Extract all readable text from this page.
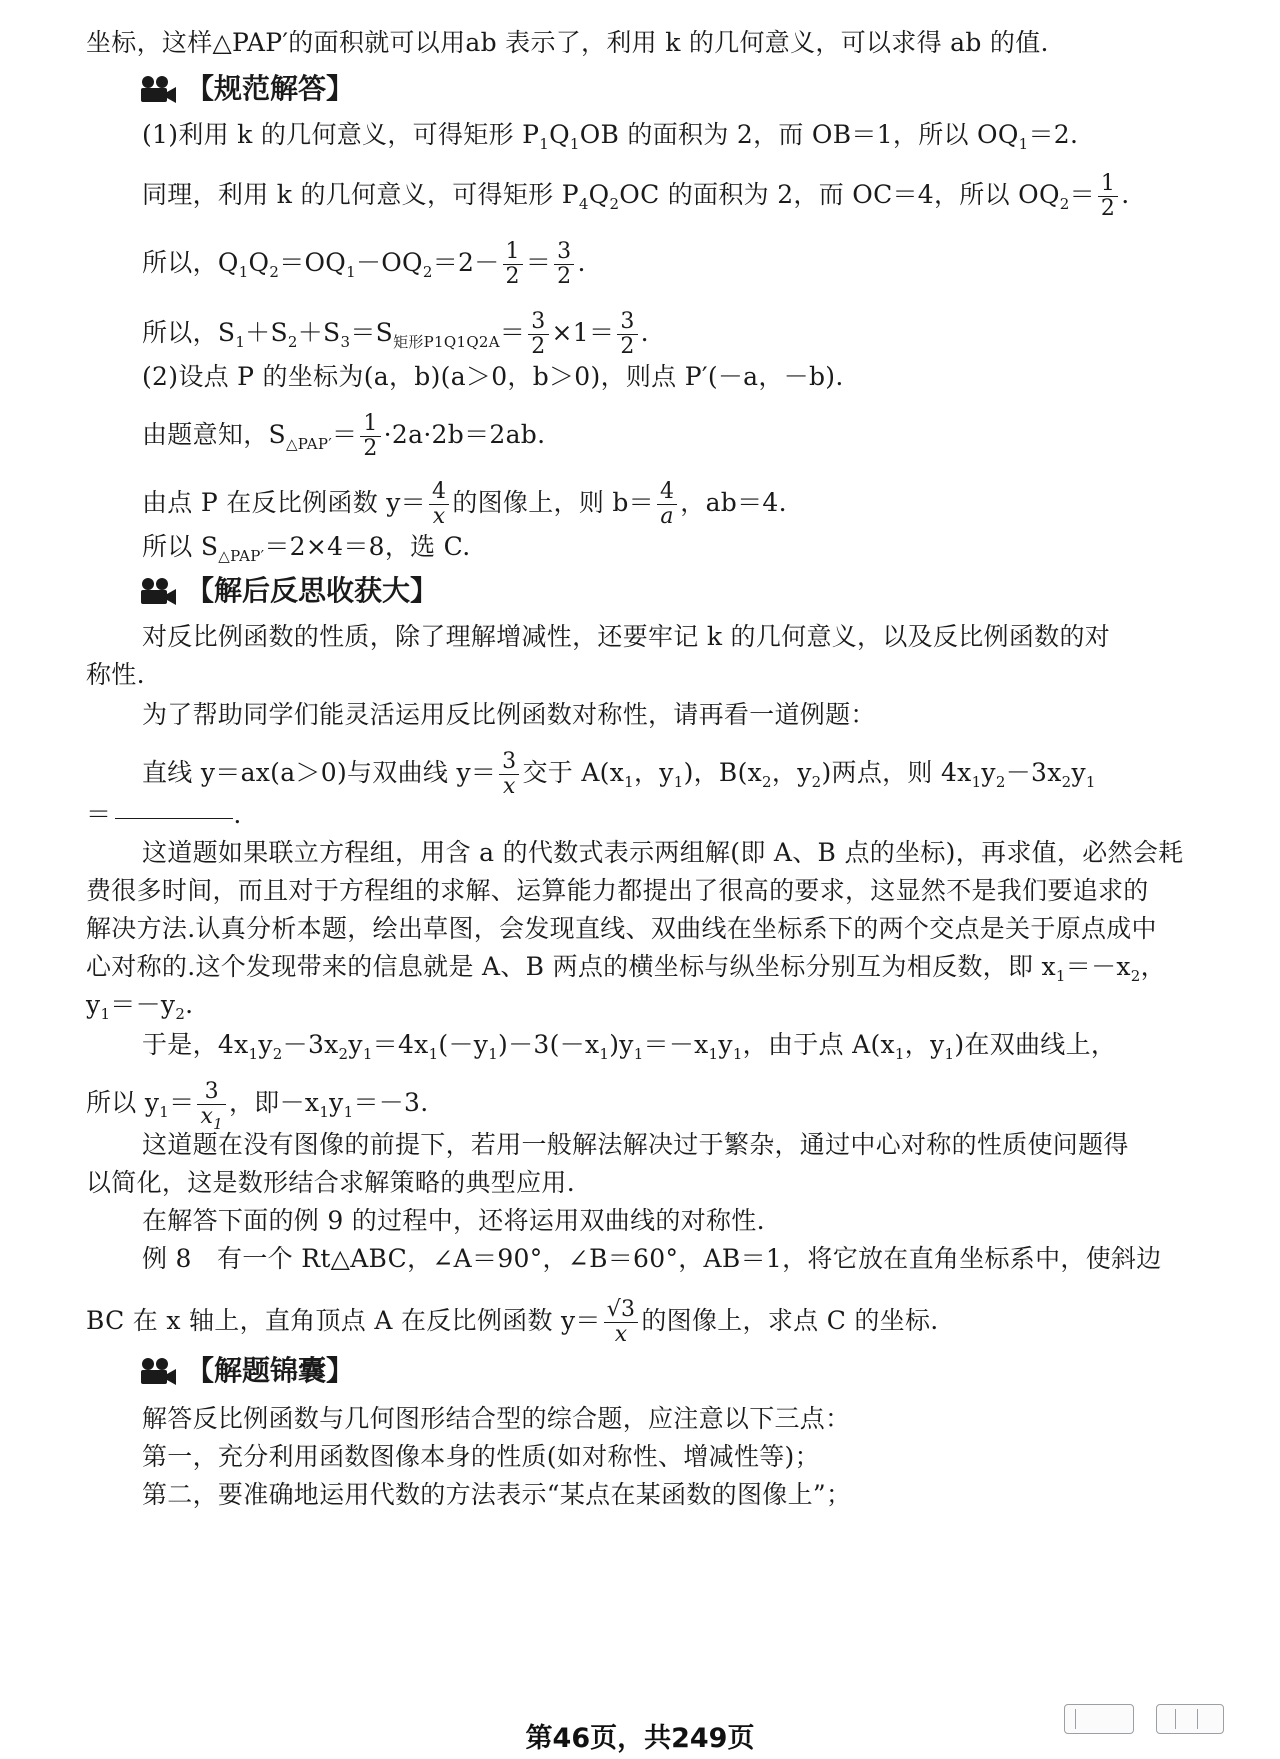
坐标，这样△PAP′的面积就可以用ab 表示了，利用 k 的几何意义，可以求得 ab 的值.
【规范解答】
(1)利用 k 的几何意义，可得矩形 $P_1Q_1OB$ 的面积为 2，而 OB＝1，所以 $OQ_1=2$.
同理，利用 k 的几何意义，可得矩形 $P_4Q_2OC$ 的面积为 2，而 OC＝4，所以 $OQ_2= \frac{1}{2}$ .
所以，$Q_1Q_2=OQ_1-OQ_2=2- \frac{1}{2} = \frac{3}{2}$ .
所以，$S_1+S_2+S_3=S_{矩形P1Q1Q2A}= \frac{3}{2} \times 1= \frac{3}{2}$ .
(2)设点 P 的坐标为(a，b)(a＞0，b＞0)，则点 P′(－a，－b).
由题意知，$S_{\triangle PAP'}= \frac{1}{2} \cdot 2a\cdot 2b=2ab$.
由点 P 在反比例函数 $y= \frac{4}{x}$ 的图像上，则 $b= \frac{4}{a}$ ，ab＝4.
所以 $S_{\triangle PAP'}=2\times 4=8$，选 C.
【解后反思收获大】
对反比例函数的性质，除了理解增减性，还要牢记 k 的几何意义，以及反比例函数的对
称性.
为了帮助同学们能灵活运用反比例函数对称性，请再看一道例题：
直线 y＝ax(a＞0)与双曲线 $y= \frac{3}{x}$ 交于 $A(x_1$，$y_1$)，$B(x_2$，$y_2$)两点，则 $4x_1y_2-3x_2y_1$
＝	.
这道题如果联立方程组，用含 a 的代数式表示两组解(即 A、B 点的坐标)，再求值，必然会耗
费很多时间，而且对于方程组的求解、运算能力都提出了很高的要求，这显然不是我们要追求的
解决方法.认真分析本题，绘出草图，会发现直线、双曲线在坐标系下的两个交点是关于原点成中
心对称的.这个发现带来的信息就是 A、B 两点的横坐标与纵坐标分别互为相反数，即 $x_1=-x_2$，
$y_1=-y_2$.
于是，$4x_1y_2-3x_2y_1=4x_1(-y_1)-3(-x_1)y_1=-x_1y_1$，由于点 $A(x_1$，$y_1$)在双曲线上，
所以 $y_1= \frac{3}{x_1}$ ，即$-x_1y_1=-3$.
这道题在没有图像的前提下，若用一般解法解决过于繁杂，通过中心对称的性质使问题得
以简化，这是数形结合求解策略的典型应用.
在解答下面的例 9 的过程中，还将运用双曲线的对称性.
例 8　有一个 Rt△ABC，∠A＝90°，∠B＝60°，AB＝1，将它放在直角坐标系中，使斜边
BC 在 x 轴上，直角顶点 A 在反比例函数 $y= \frac{√3}{x}$ 的图像上，求点 C 的坐标.
【解题锦囊】
解答反比例函数与几何图形结合型的综合题，应注意以下三点：
第一，充分利用函数图像本身的性质(如对称性、增减性等)；
第二，要准确地运用代数的方法表示“某点在某函数的图像上”；
第46页，共249页
